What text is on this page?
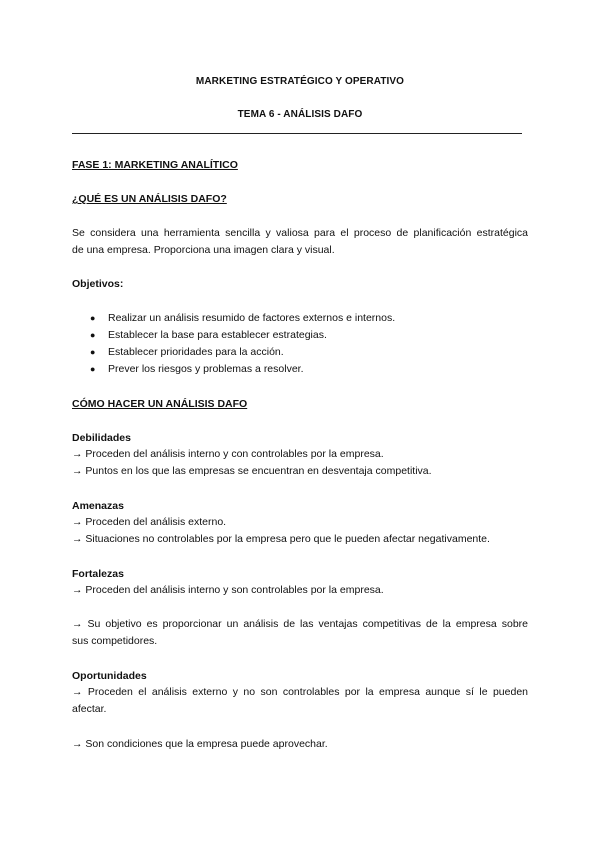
MARKETING ESTRATÉGICO Y OPERATIVO
TEMA 6 - ANÁLISIS DAFO
FASE 1: MARKETING ANALÍTICO
¿QUÉ ES UN ANÁLISIS DAFO?
Se considera una herramienta sencilla y valiosa para el proceso de planificación estratégica
de una empresa. Proporciona una imagen clara y visual.
Objetivos:
● Realizar un análisis resumido de factores externos e internos.
● Establecer la base para establecer estrategias.
● Establecer prioridades para la acción.
● Prever los riesgos y problemas a resolver.
CÓMO HACER UN ANÁLISIS DAFO
Debilidades
→ Proceden del análisis interno y con controlables por la empresa.
→ Puntos en los que las empresas se encuentran en desventaja competitiva.
Amenazas
→ Proceden del análisis externo.
→ Situaciones no controlables por la empresa pero que le pueden afectar negativamente.
Fortalezas
→ Proceden del análisis interno y son controlables por la empresa.
→ Su objetivo es proporcionar un análisis de las ventajas competitivas de la empresa sobre
sus competidores.
Oportunidades
→ Proceden el análisis externo y no son controlables por la empresa aunque sí le pueden
afectar.
→ Son condiciones que la empresa puede aprovechar.
